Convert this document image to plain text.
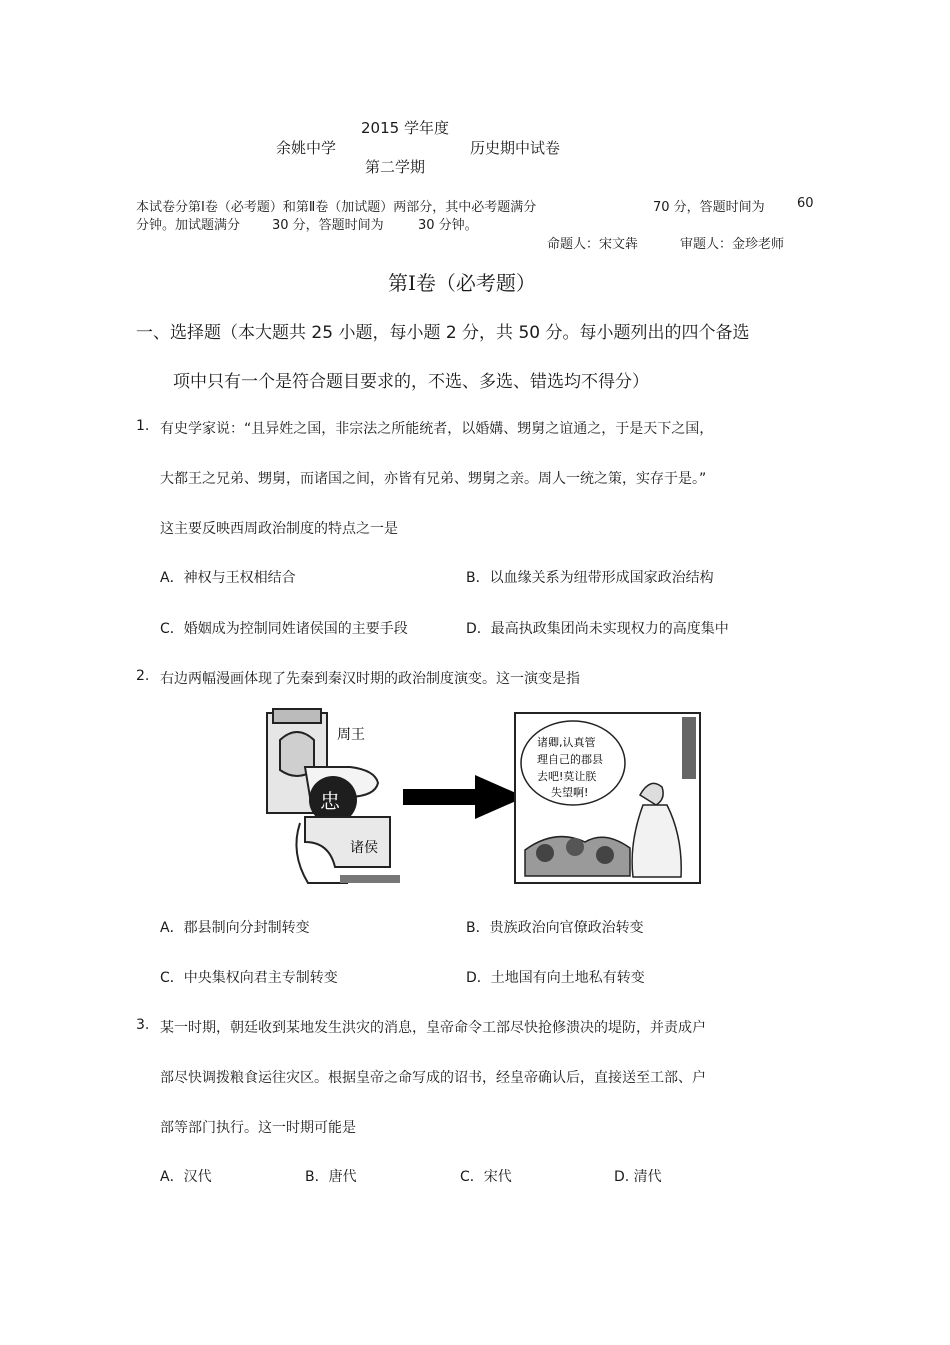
2015 学年度
余姚中学	历史期中试卷
第二学期
本试卷分第Ⅰ卷（必考题）和第Ⅱ卷（加试题）两部分，其中必考题满分	70 分，答题时间为 60
分钟。加试题满分 30 分，答题时间为	30 分钟。
命题人：宋文犇	审题人：金珍老师
第Ⅰ卷（必考题）
一、选择题（本大题共 25 小题，每小题 2 分，共 50 分。每小题列出的四个备选
项中只有一个是符合题目要求的，不选、多选、错选均不得分）
1. 有史学家说：“且异姓之国，非宗法之所能统者，以婚媾、甥舅之谊通之，于是天下之国，
大都王之兄弟、甥舅，而诸国之间，亦皆有兄弟、甥舅之亲。周人一统之策，实存于是。”
这主要反映西周政治制度的特点之一是
A．神权与王权相结合	B．以血缘关系为纽带形成国家政治结构
C．婚姻成为控制同姓诸侯国的主要手段	D．最高执政集团尚未实现权力的高度集中
2. 右边两幅漫画体现了先秦到秦汉时期的政治制度演变。这一演变是指
忠
周王
诸侯
诸卿,认真管
理自己的郡县
去吧!莫让朕
失望啊!
A．郡县制向分封制转变	B．贵族政治向官僚政治转变
C．中央集权向君主专制转变	D．土地国有向土地私有转变
3. 某一时期，朝廷收到某地发生洪灾的消息，皇帝命令工部尽快抢修溃决的堤防，并责成户
部尽快调拨粮食运往灾区。根据皇帝之命写成的诏书，经皇帝确认后，直接送至工部、户
部等部门执行。这一时期可能是
A．汉代	B．唐代	C．宋代	D. 清代
